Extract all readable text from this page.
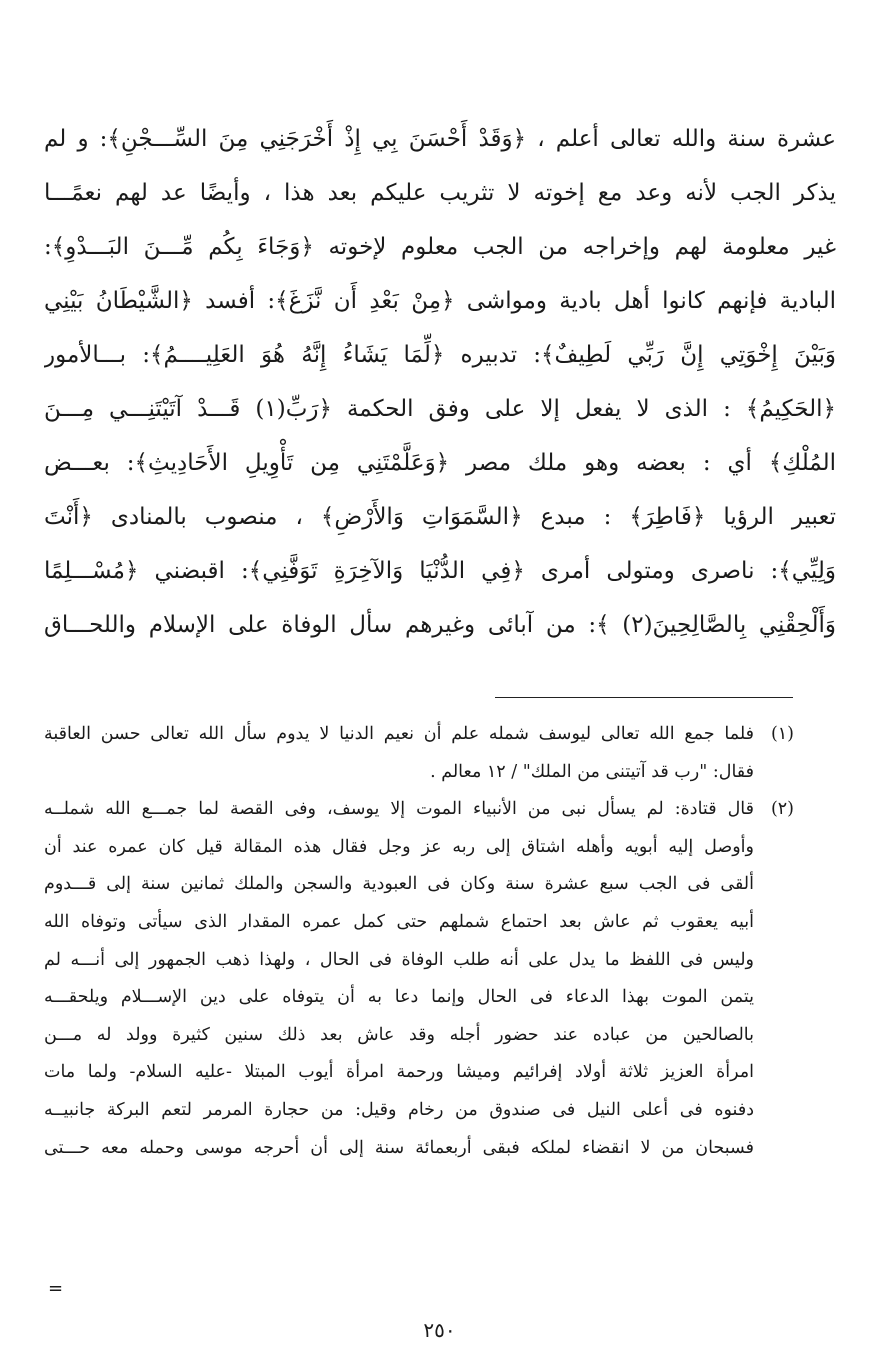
عشرة سنة والله تعالى أعلم ، ﴿وَقَدْ أَحْسَنَ بِي إِذْ أَخْرَجَنِي مِنَ السِّـــجْنِ﴾: و لم
يذكر الجب لأنه وعد مع إخوته لا تثريب عليكم بعد هذا ، وأيضًا عد لهم نعمًـــا
غير معلومة لهم وإخراجه من الجب معلوم لإخوته ﴿وَجَاءَ بِكُم مِّـــنَ البَـــدْوِ﴾:
البادية فإنهم كانوا أهل بادية ومواشى ﴿مِنْ بَعْدِ أَن نَّزَغَ﴾: أفسد ﴿الشَّيْطَانُ بَيْنِي
وَبَيْنَ إِخْوَتِي إِنَّ رَبِّي لَطِيفٌ﴾: تدبيره ﴿لِّمَا يَشَاءُ إِنَّهُ هُوَ العَلِيــــمُ﴾: بـــالأمور
﴿الحَكِيمُ﴾ : الذى لا يفعل إلا على وفق الحكمة ﴿رَبِّ(١) قَـــدْ آتَيْتَنِـــي مِـــنَ
المُلْكِ﴾ أي : بعضه وهو ملك مصر ﴿وَعَلَّمْتَنِي مِن تَأْوِيلِ الأَحَادِيثِ﴾: بعـــض
تعبير الرؤيا ﴿فَاطِرَ﴾ : مبدع ﴿السَّمَوَاتِ وَالأَرْضِ﴾ ، منصوب بالمنادى ﴿أَنْتَ
وَلِيِّي﴾: ناصرى ومتولى أمرى ﴿فِي الدُّنْيَا وَالآخِرَةِ تَوَفَّنِي﴾: اقبضني ﴿مُسْـــلِمًا
وَأَلْحِقْنِي بِالصَّالِحِينَ(٢) ﴾: من آبائى وغيرهم سأل الوفاة على الإسلام واللحـــاق
(١)فلما جمع الله تعالى ليوسف شمله علم أن نعيم الدنيا لا يدوم سأل الله تعالى حسن العاقبة
فقال: "رب قد آتيتنى من الملك" / ١٢ معالم .
(٢)قال قتادة: لم يسأل نبى من الأنبياء الموت إلا يوسف، وفى القصة لما جمـــع الله شملــه
وأوصل إليه أبويه وأهله اشتاق إلى ربه عز وجل فقال هذه المقالة قيل كان عمره عند أن
ألقى فى الجب سبع عشرة سنة وكان فى العبودية والسجن والملك ثمانين سنة إلى قـــدوم
أبيه يعقوب ثم عاش بعد احتماع شملهم حتى كمل عمره المقدار الذى سيأتى وتوفاه الله
وليس فى اللفظ ما يدل على أنه طلب الوفاة فى الحال ، ولهذا ذهب الجمهور إلى أنـــه لم
يتمن الموت بهذا الدعاء فى الحال وإنما دعا به أن يتوفاه على دين الإســـلام ويلحقـــه
بالصالحين من عباده عند حضور أجله وقد عاش بعد ذلك سنين كثيرة وولد له مـــن
امرأة العزيز ثلاثة أولاد إفرائيم وميشا ورحمة امرأة أيوب المبتلا -عليه السلام- ولما مات
دفنوه فى أعلى النيل فى صندوق من رخام وقيل: من حجارة المرمر لتعم البركة جانبيــه
فسبحان من لا انقضاء لملكه فبقى أربعمائة سنة إلى أن أحرجه موسى وحمله معه حـــتى
=
٢٥٠
